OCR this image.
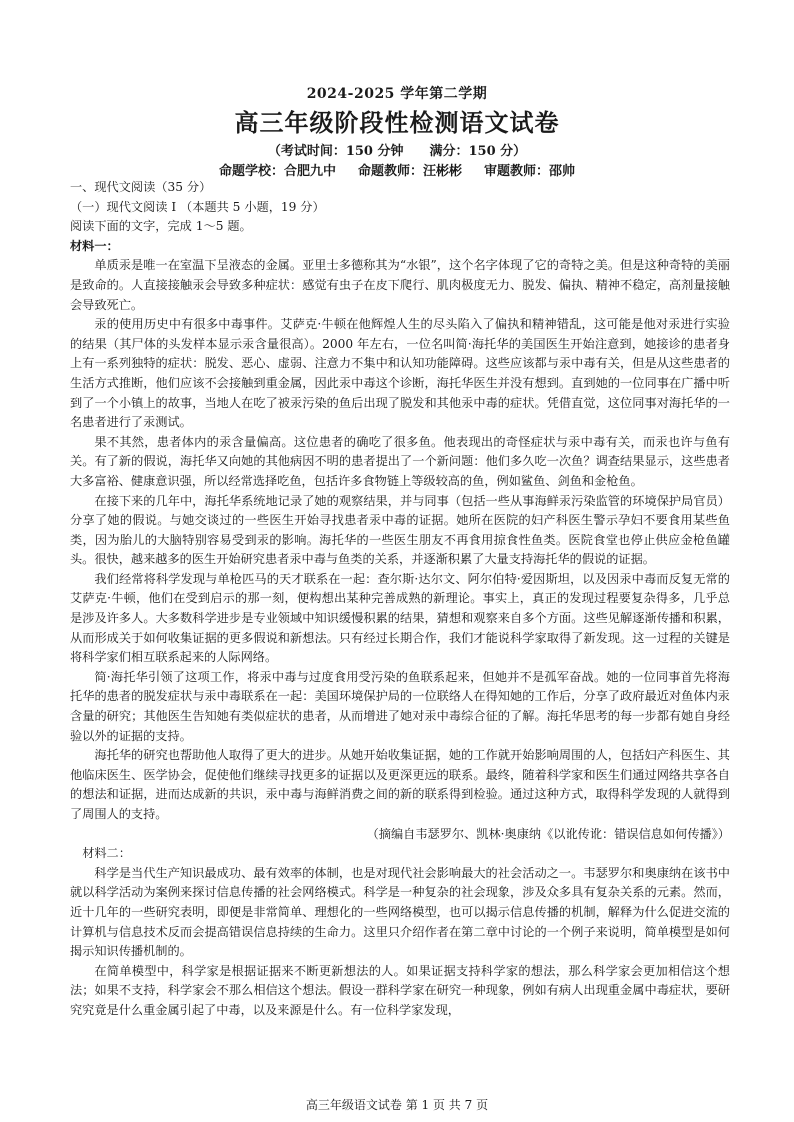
2024-2025 学年第二学期
高三年级阶段性检测语文试卷
（考试时间：150 分钟 满分：150 分）
命题学校：合肥九中 命题教师：汪彬彬 审题教师：邵帅

一、现代文阅读（35 分）

（一）现代文阅读 Ⅰ （本题共 5 小题，19 分）

阅读下面的文字，完成 1～5 题。

材料一：

单质汞是唯一在室温下呈液态的金属。亚里士多德称其为“水银”，这个名字体现了它的奇特之美。但是这种奇特的美丽是致命的。人直接接触汞会导致多种症状：感觉有虫子在皮下爬行、肌肉极度无力、脱发、偏执、精神不稳定，高剂量接触会导致死亡。

汞的使用历史中有很多中毒事件。艾萨克·牛顿在他辉煌人生的尽头陷入了偏执和精神错乱，这可能是他对汞进行实验的结果（其尸体的头发样本显示汞含量很高）。2000 年左右，一位名叫简·海托华的美国医生开始注意到，她接诊的患者身上有一系列独特的症状：脱发、恶心、虚弱、注意力不集中和认知功能障碍。这些应该都与汞中毒有关，但是从这些患者的生活方式推断，他们应该不会接触到重金属，因此汞中毒这个诊断，海托华医生并没有想到。直到她的一位同事在广播中听到了一个小镇上的故事，当地人在吃了被汞污染的鱼后出现了脱发和其他汞中毒的症状。凭借直觉，这位同事对海托华的一名患者进行了汞测试。

果不其然，患者体内的汞含量偏高。这位患者的确吃了很多鱼。他表现出的奇怪症状与汞中毒有关，而汞也许与鱼有关。有了新的假说，海托华又向她的其他病因不明的患者提出了一个新问题：他们多久吃一次鱼？调查结果显示，这些患者大多富裕、健康意识强，所以经常选择吃鱼，包括许多食物链上等级较高的鱼，例如鲨鱼、剑鱼和金枪鱼。

在接下来的几年中，海托华系统地记录了她的观察结果，并与同事（包括一些从事海鲜汞污染监管的环境保护局官员）分享了她的假说。与她交谈过的一些医生开始寻找患者汞中毒的证据。她所在医院的妇产科医生警示孕妇不要食用某些鱼类，因为胎儿的大脑特别容易受到汞的影响。海托华的一些医生朋友不再食用掠食性鱼类。医院食堂也停止供应金枪鱼罐头。很快，越来越多的医生开始研究患者汞中毒与鱼类的关系，并逐渐积累了大量支持海托华的假说的证据。

我们经常将科学发现与单枪匹马的天才联系在一起：查尔斯·达尔文、阿尔伯特·爱因斯坦，以及因汞中毒而反复无常的艾萨克·牛顿，他们在受到启示的那一刻，便构想出某种完善成熟的新理论。事实上，真正的发现过程要复杂得多，几乎总是涉及许多人。大多数科学进步是专业领域中知识缓慢积累的结果，猜想和观察来自多个方面。这些见解逐渐传播和积累，从而形成关于如何收集证据的更多假说和新想法。只有经过长期合作，我们才能说科学家取得了新发现。这一过程的关键是将科学家们相互联系起来的人际网络。

简·海托华引领了这项工作，将汞中毒与过度食用受污染的鱼联系起来，但她并不是孤军奋战。她的一位同事首先将海托华的患者的脱发症状与汞中毒联系在一起：美国环境保护局的一位联络人在得知她的工作后，分享了政府最近对鱼体内汞含量的研究；其他医生告知她有类似症状的患者，从而增进了她对汞中毒综合征的了解。海托华思考的每一步都有她自身经验以外的证据的支持。

海托华的研究也帮助他人取得了更大的进步。从她开始收集证据，她的工作就开始影响周围的人，包括妇产科医生、其他临床医生、医学协会，促使他们继续寻找更多的证据以及更深更远的联系。最终，随着科学家和医生们通过网络共享各自的想法和证据，进而达成新的共识，汞中毒与海鲜消费之间的新的联系得到检验。通过这种方式，取得科学发现的人就得到了周围人的支持。

（摘编自韦瑟罗尔、凯林·奥康纳《以讹传讹：错误信息如何传播》）

材料二：

科学是当代生产知识最成功、最有效率的体制，也是对现代社会影响最大的社会活动之一。韦瑟罗尔和奥康纳在该书中就以科学活动为案例来探讨信息传播的社会网络模式。科学是一种复杂的社会现象，涉及众多具有复杂关系的元素。然而，近十几年的一些研究表明，即便是非常简单、理想化的一些网络模型，也可以揭示信息传播的机制，解释为什么促进交流的计算机与信息技术反而会提高错误信息持续的生命力。这里只介绍作者在第二章中讨论的一个例子来说明，简单模型是如何揭示知识传播机制的。

在简单模型中，科学家是根据证据来不断更新想法的人。如果证据支持科学家的想法，那么科学家会更加相信这个想法；如果不支持，科学家会不那么相信这个想法。假设一群科学家在研究一种现象，例如有病人出现重金属中毒症状，要研究究竟是什么重金属引起了中毒，以及来源是什么。有一位科学家发现，

高三年级语文试卷 第 1 页 共 7 页
